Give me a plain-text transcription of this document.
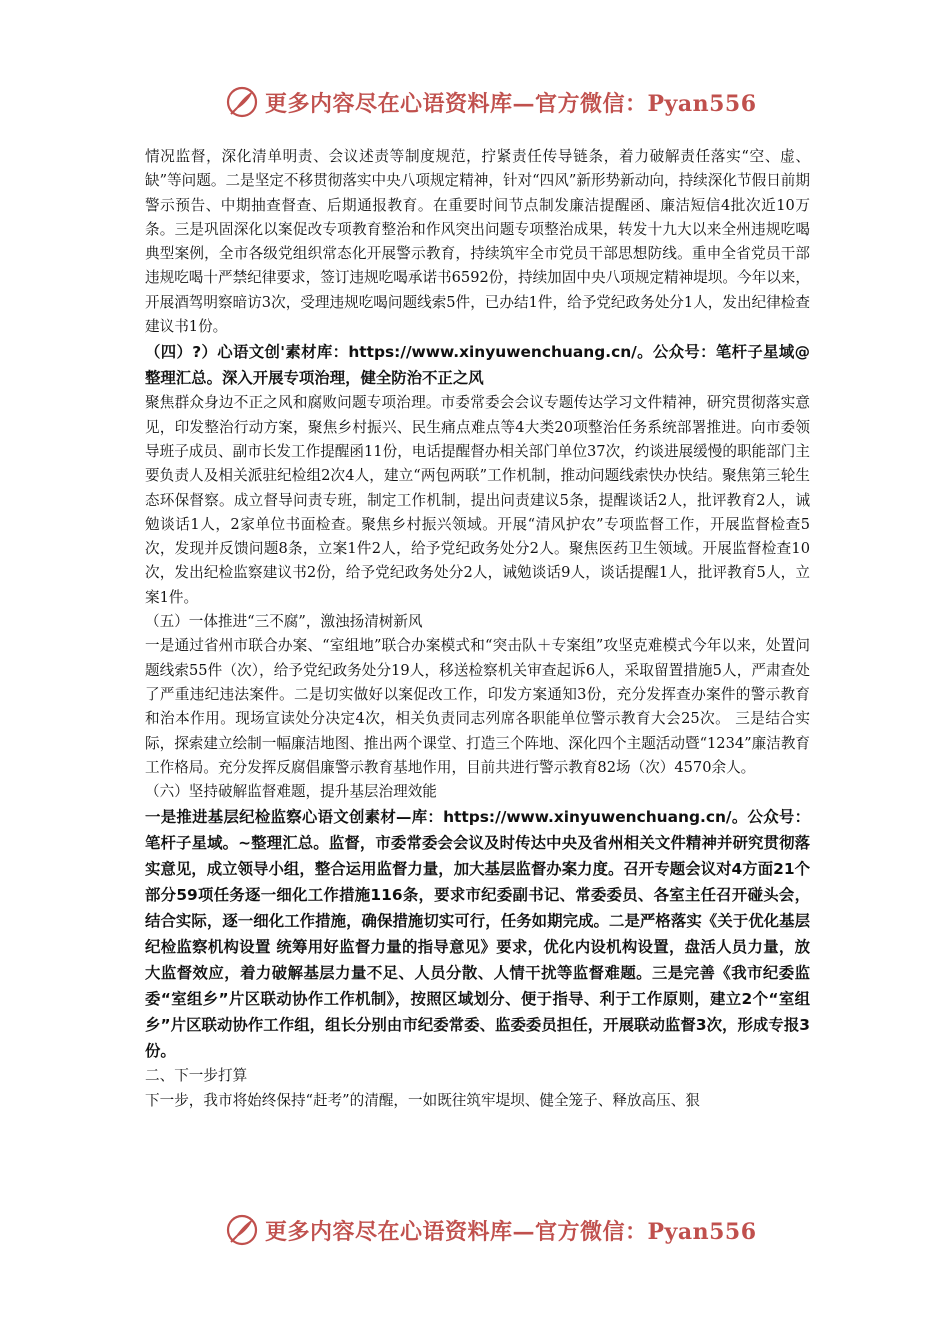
更多内容尽在心语资料库—官方微信：Pyan556

情况监督，深化清单明责、会议述责等制度规范，拧紧责任传导链条，着力破解责任落实“空、虚、缺”等问题。二是坚定不移贯彻落实中央八项规定精神，针对“四风”新形势新动向，持续深化节假日前期警示预告、中期抽查督查、后期通报教育。在重要时间节点制发廉洁提醒函、廉洁短信4批次近10万条。三是巩固深化以案促改专项教育整治和作风突出问题专项整治成果，转发十九大以来全州违规吃喝典型案例，全市各级党组织常态化开展警示教育，持续筑牢全市党员干部思想防线。重申全省党员干部违规吃喝十严禁纪律要求，签订违规吃喝承诺书6592份，持续加固中央八项规定精神堤坝。今年以来，开展酒驾明察暗访3次，受理违规吃喝问题线索5件，已办结1件，给予党纪政务处分1人，发出纪律检查建议书1份。

（四）?）心语文创'素材库：https://www.xinyuwenchuang.cn/。公众号：笔杆子星域@整理汇总。深入开展专项治理，健全防治不正之风

聚焦群众身边不正之风和腐败问题专项治理。市委常委会会议专题传达学习文件精神，研究贯彻落实意见，印发整治行动方案，聚焦乡村振兴、民生痛点难点等4大类20项整治任务系统部署推进。向市委领导班子成员、副市长发工作提醒函11份，电话提醒督办相关部门单位37次，约谈进展缓慢的职能部门主要负责人及相关派驻纪检组2次4人，建立“两包两联”工作机制，推动问题线索快办快结。聚焦第三轮生态环保督察。成立督导问责专班，制定工作机制，提出问责建议5条，提醒谈话2人，批评教育2人，诫勉谈话1人，2家单位书面检查。聚焦乡村振兴领域。开展“清风护农”专项监督工作，开展监督检查5次，发现并反馈问题8条，立案1件2人，给予党纪政务处分2人。聚焦医药卫生领域。开展监督检查10次，发出纪检监察建议书2份，给予党纪政务处分2人，诫勉谈话9人，谈话提醒1人，批评教育5人，立案1件。

（五）一体推进“三不腐”，激浊扬清树新风

一是通过省州市联合办案、“室组地”联合办案模式和“突击队＋专案组”攻坚克难模式今年以来，处置问题线索55件（次），给予党纪政务处分19人，移送检察机关审查起诉6人，采取留置措施5人，严肃查处了严重违纪违法案件。二是切实做好以案促改工作，印发方案通知3份，充分发挥查办案件的警示教育和治本作用。现场宣读处分决定4次，相关负责同志列席各职能单位警示教育大会25次。 三是结合实际，探索建立绘制一幅廉洁地图、推出两个课堂、打造三个阵地、深化四个主题活动暨“1234”廉洁教育工作格局。充分发挥反腐倡廉警示教育基地作用，目前共进行警示教育82场（次）4570余人。

（六）坚持破解监督难题，提升基层治理效能

一是推进基层纪检监察心语文创素材—库：https://www.xinyuwenchuang.cn/。公众号：笔杆子星域。~整理汇总。监督，市委常委会会议及时传达中央及省州相关文件精神并研究贯彻落实意见，成立领导小组，整合运用监督力量，加大基层监督办案力度。召开专题会议对4方面21个部分59项任务逐一细化工作措施116条，要求市纪委副书记、常委委员、各室主任召开碰头会，结合实际，逐一细化工作措施，确保措施切实可行，任务如期完成。二是严格落实《关于优化基层纪检监察机构设置 统筹用好监督力量的指导意见》要求，优化内设机构设置，盘活人员力量，放大监督效应，着力破解基层力量不足、人员分散、人情干扰等监督难题。三是完善《我市纪委监委“室组乡”片区联动协作工作机制》，按照区域划分、便于指导、利于工作原则，建立2个“室组乡”片区联动协作工作组，组长分别由市纪委常委、监委委员担任，开展联动监督3次，形成专报3份。

二、下一步打算

下一步，我市将始终保持“赶考”的清醒，一如既往筑牢堤坝、健全笼子、释放高压、狠

更多内容尽在心语资料库—官方微信：Pyan556
